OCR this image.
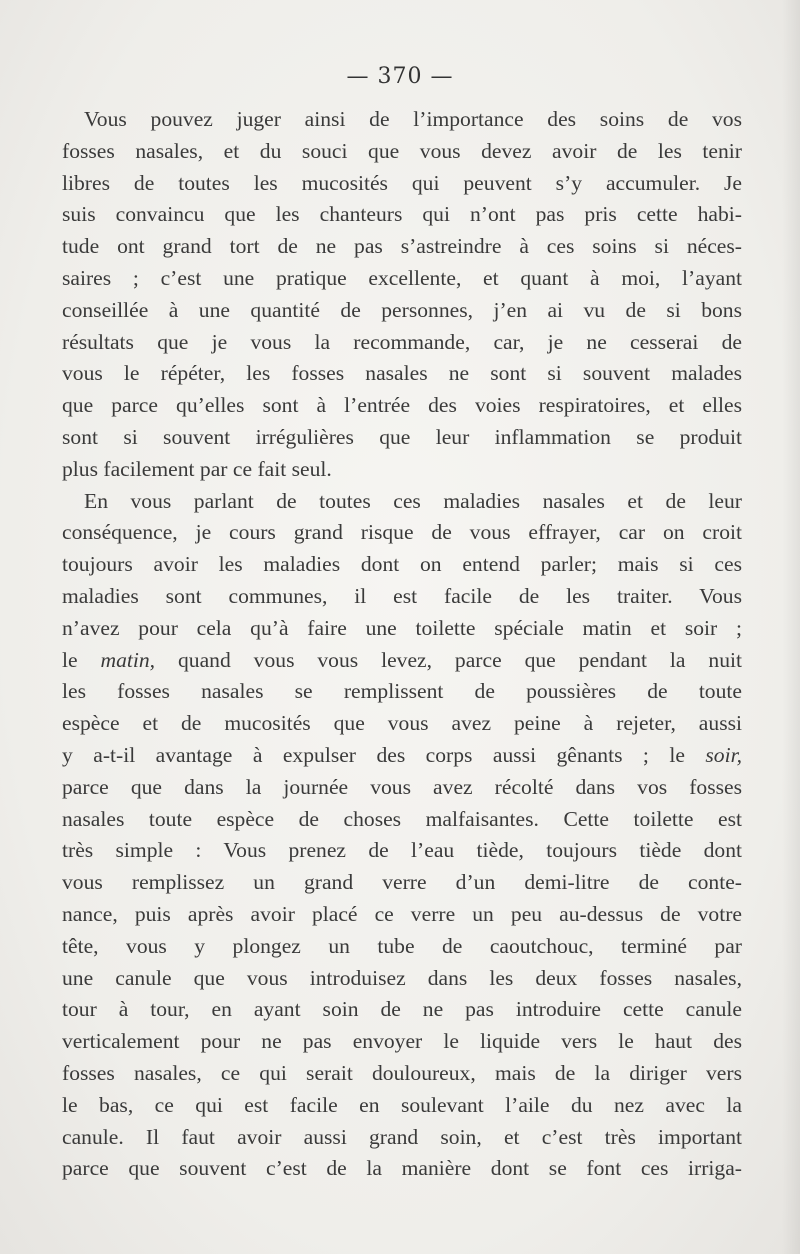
— 370 —
Vous pouvez juger ainsi de l’importance des soins de vos
fosses nasales, et du souci que vous devez avoir de les tenir
libres de toutes les mucosités qui peuvent s’y accumuler. Je
suis convaincu que les chanteurs qui n’ont pas pris cette habi-
tude ont grand tort de ne pas s’astreindre à ces soins si néces-
saires ; c’est une pratique excellente, et quant à moi, l’ayant
conseillée à une quantité de personnes, j’en ai vu de si bons
résultats que je vous la recommande, car, je ne cesserai de
vous le répéter, les fosses nasales ne sont si souvent malades
que parce qu’elles sont à l’entrée des voies respiratoires, et elles
sont si souvent irrégulières que leur inflammation se produit
plus facilement par ce fait seul.
En vous parlant de toutes ces maladies nasales et de leur
conséquence, je cours grand risque de vous effrayer, car on croit
toujours avoir les maladies dont on entend parler; mais si ces
maladies sont communes, il est facile de les traiter. Vous
n’avez pour cela qu’à faire une toilette spéciale matin et soir ;
le matin, quand vous vous levez, parce que pendant la nuit
les fosses nasales se remplissent de poussières de toute
espèce et de mucosités que vous avez peine à rejeter, aussi
y a-t-il avantage à expulser des corps aussi gênants ; le soir,
parce que dans la journée vous avez récolté dans vos fosses
nasales toute espèce de choses malfaisantes. Cette toilette est
très simple : Vous prenez de l’eau tiède, toujours tiède dont
vous remplissez un grand verre d’un demi-litre de conte-
nance, puis après avoir placé ce verre un peu au-dessus de votre
tête, vous y plongez un tube de caoutchouc, terminé par
une canule que vous introduisez dans les deux fosses nasales,
tour à tour, en ayant soin de ne pas introduire cette canule
verticalement pour ne pas envoyer le liquide vers le haut des
fosses nasales, ce qui serait douloureux, mais de la diriger vers
le bas, ce qui est facile en soulevant l’aile du nez avec la
canule. Il faut avoir aussi grand soin, et c’est très important
parce que souvent c’est de la manière dont se font ces irriga-
